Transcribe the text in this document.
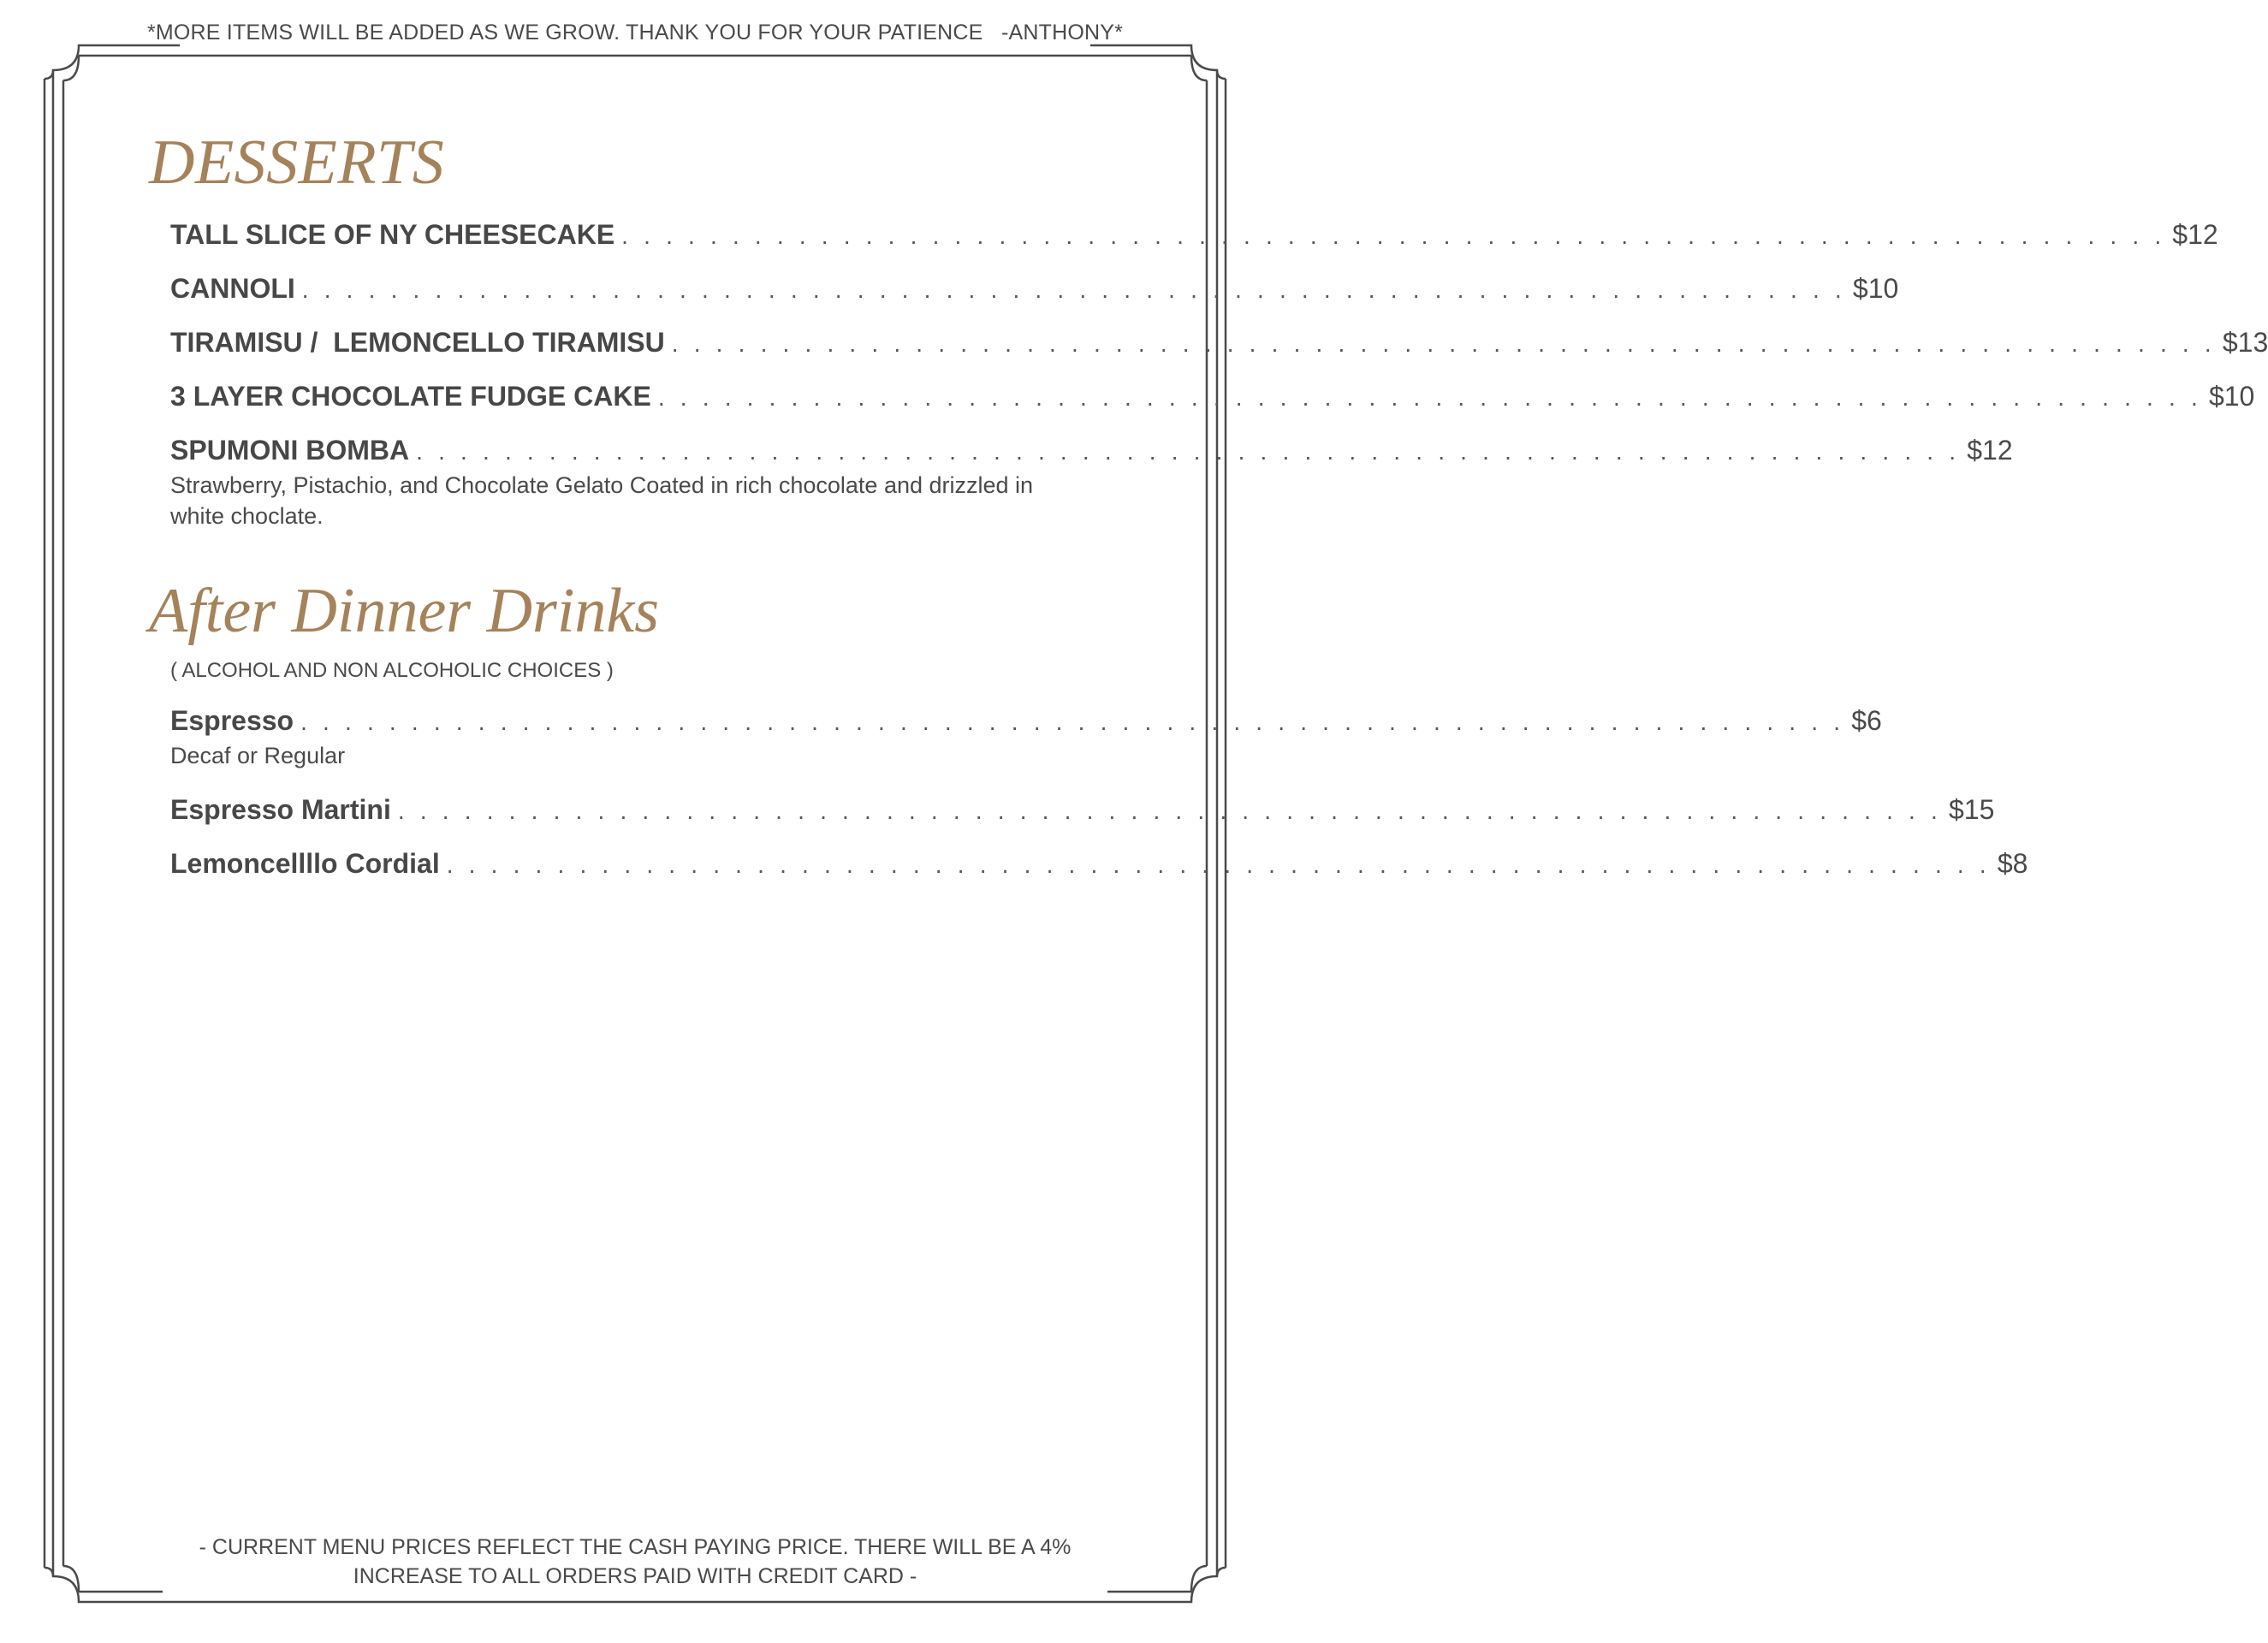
*MORE ITEMS WILL BE ADDED AS WE GROW. THANK YOU FOR YOUR PATIENCE   -ANTHONY*
DESSERTS
TALL SLICE OF NY CHEESECAKE . . . . . . . . . . . . . . . . . . . . . . . . . . . . . . . . . . . . . . . . . . . . . . . . . . . . . . . . . . . . . . . . . . . . . . $12
CANNOLI . . . . . . . . . . . . . . . . . . . . . . . . . . . . . . . . . . . . . . . . . . . . . . . . . . . . . . . . . . . . . . . . . . . . . . $10
TIRAMISU /  LEMONCELLO TIRAMISU . . . . . . . . . . . . . . . . . . . . . . . . . . . . . . . . . . . . . . . . . . . . . . . . . . . . . . . . . . . . . . . . . . . . . . $13
3 LAYER CHOCOLATE FUDGE CAKE . . . . . . . . . . . . . . . . . . . . . . . . . . . . . . . . . . . . . . . . . . . . . . . . . . . . . . . . . . . . . . . . . . . . . . $10
SPUMONI BOMBA . . . . . . . . . . . . . . . . . . . . . . . . . . . . . . . . . . . . . . . . . . . . . . . . . . . . . . . . . . . . . . . . . . . . . . $12
Strawberry, Pistachio, and Chocolate Gelato Coated in rich chocolate and drizzled in white choclate.
After Dinner Drinks
( ALCOHOL AND NON ALCOHOLIC CHOICES )
Espresso . . . . . . . . . . . . . . . . . . . . . . . . . . . . . . . . . . . . . . . . . . . . . . . . . . . . . . . . . . . . . . . . . . . . . . $6
Decaf or Regular
Espresso Martini . . . . . . . . . . . . . . . . . . . . . . . . . . . . . . . . . . . . . . . . . . . . . . . . . . . . . . . . . . . . . . . . . . . . . . $15
Lemoncellllo Cordial . . . . . . . . . . . . . . . . . . . . . . . . . . . . . . . . . . . . . . . . . . . . . . . . . . . . . . . . . . . . . . . . . . . . . . $8
- CURRENT MENU PRICES REFLECT THE CASH PAYING PRICE. THERE WILL BE A 4% INCREASE TO ALL ORDERS PAID WITH CREDIT CARD -
